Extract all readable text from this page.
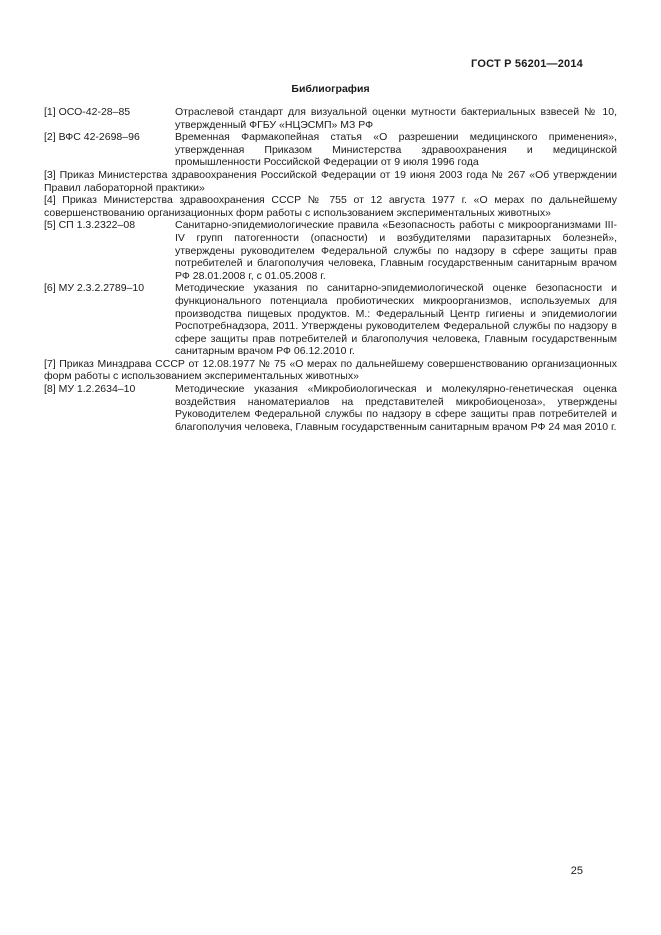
ГОСТ Р 56201—2014
Библиография
[1] ОСО-42-28–85	Отраслевой стандарт для визуальной оценки мутности бактериальных взвесей № 10, утвержденный ФГБУ «НЦЭСМП» МЗ РФ
[2] ВФС 42-2698–96	Временная Фармакопейная статья «О разрешении медицинского применения», утвержденная Приказом Министерства здравоохранения и медицинской промышленности Российской Федерации от 9 июля 1996 года
[3] Приказ Министерства здравоохранения Российской Федерации от 19 июня 2003 года № 267 «Об утверждении Правил лабораторной практики»
[4] Приказ Министерства здравоохранения СССР № 755 от 12 августа 1977 г. «О мерах по дальнейшему совершенствованию организационных форм работы с использованием экспериментальных животных»
[5] СП 1.3.2322–08	Санитарно-эпидемиологические правила «Безопасность работы с микроорганизмами III-IV групп патогенности (опасности) и возбудителями паразитарных болезней», утверждены руководителем Федеральной службы по надзору в сфере защиты прав потребителей и благополучия человека, Главным государственным санитарным врачом РФ 28.01.2008 г, с 01.05.2008 г.
[6] МУ 2.3.2.2789–10	Методические указания по санитарно-эпидемиологической оценке безопасности и функционального потенциала пробиотических микроорганизмов, используемых для производства пищевых продуктов. М.: Федеральный Центр гигиены и эпидемиологии Роспотребнадзора, 2011. Утверждены руководителем Федеральной службы по надзору в сфере защиты прав потребителей и благополучия человека, Главным государственным санитарным врачом РФ 06.12.2010 г.
[7] Приказ Минздрава СССР от 12.08.1977 № 75 «О мерах по дальнейшему совершенствованию организационных форм работы с использованием экспериментальных животных»
[8] МУ 1.2.2634–10	Методические указания «Микробиологическая и молекулярно-генетическая оценка воздействия наноматериалов на представителей микробиоценоза», утверждены Руководителем Федеральной службы по надзору в сфере защиты прав потребителей и благополучия человека, Главным государственным санитарным врачом РФ 24 мая 2010 г.
25
